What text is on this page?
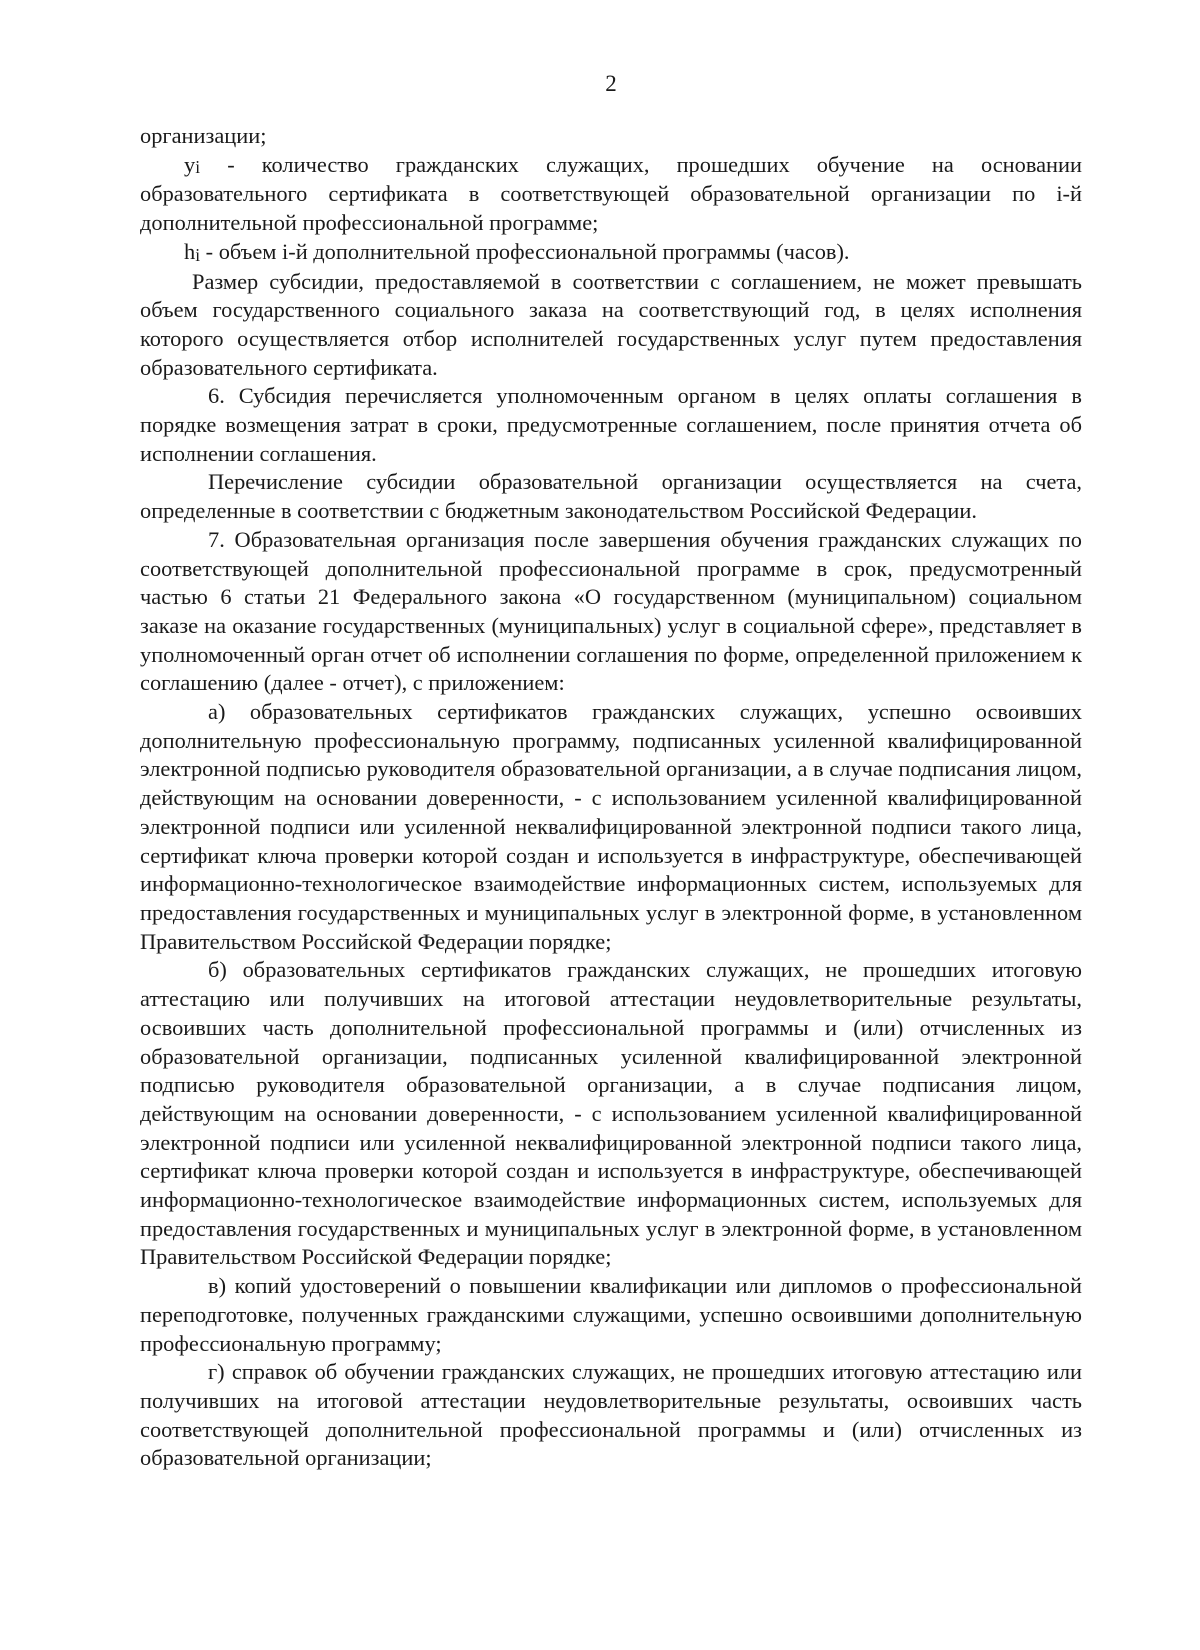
2

организации;

yi - количество гражданских служащих, прошедших обучение на основании образовательного сертификата в соответствующей образовательной организации по i-й дополнительной профессиональной программе;

hi - объем i-й дополнительной профессиональной программы (часов).

Размер субсидии, предоставляемой в соответствии с соглашением, не может превышать объем государственного социального заказа на соответствующий год, в целях исполнения которого осуществляется отбор исполнителей государственных услуг путем предоставления образовательного сертификата.

6. Субсидия перечисляется уполномоченным органом в целях оплаты соглашения в порядке возмещения затрат в сроки, предусмотренные соглашением, после принятия отчета об исполнении соглашения.

Перечисление субсидии образовательной организации осуществляется на счета, определенные в соответствии с бюджетным законодательством Российской Федерации.

7. Образовательная организация после завершения обучения гражданских служащих по соответствующей дополнительной профессиональной программе в срок, предусмотренный частью 6 статьи 21 Федерального закона «О государственном (муниципальном) социальном заказе на оказание государственных (муниципальных) услуг в социальной сфере», представляет в уполномоченный орган отчет об исполнении соглашения по форме, определенной приложением к соглашению (далее - отчет), с приложением:

а) образовательных сертификатов гражданских служащих, успешно освоивших дополнительную профессиональную программу, подписанных усиленной квалифицированной электронной подписью руководителя образовательной организации, а в случае подписания лицом, действующим на основании доверенности, - с использованием усиленной квалифицированной электронной подписи или усиленной неквалифицированной электронной подписи такого лица, сертификат ключа проверки которой создан и используется в инфраструктуре, обеспечивающей информационно-технологическое взаимодействие информационных систем, используемых для предоставления государственных и муниципальных услуг в электронной форме, в установленном Правительством Российской Федерации порядке;

б) образовательных сертификатов гражданских служащих, не прошедших итоговую аттестацию или получивших на итоговой аттестации неудовлетворительные результаты, освоивших часть дополнительной профессиональной программы и (или) отчисленных из образовательной организации, подписанных усиленной квалифицированной электронной подписью руководителя образовательной организации, а в случае подписания лицом, действующим на основании доверенности, - с использованием усиленной квалифицированной электронной подписи или усиленной неквалифицированной электронной подписи такого лица, сертификат ключа проверки которой создан и используется в инфраструктуре, обеспечивающей информационно-технологическое взаимодействие информационных систем, используемых для предоставления государственных и муниципальных услуг в электронной форме, в установленном Правительством Российской Федерации порядке;

в) копий удостоверений о повышении квалификации или дипломов о профессиональной переподготовке, полученных гражданскими служащими, успешно освоившими дополнительную профессиональную программу;

г) справок об обучении гражданских служащих, не прошедших итоговую аттестацию или получивших на итоговой аттестации неудовлетворительные результаты, освоивших часть соответствующей дополнительной профессиональной программы и (или) отчисленных из образовательной организации;
